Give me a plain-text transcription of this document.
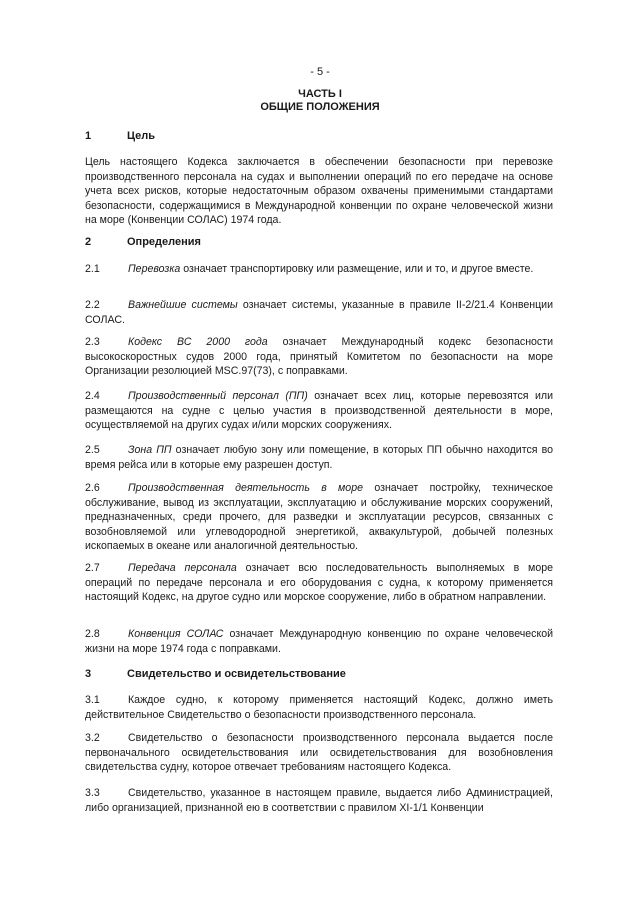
- 5 -
ЧАСТЬ I
ОБЩИЕ ПОЛОЖЕНИЯ
1	Цель
Цель настоящего Кодекса заключается в обеспечении безопасности при перевозке производственного персонала на судах и выполнении операций по его передаче на основе учета всех рисков, которые недостаточным образом охвачены применимыми стандартами безопасности, содержащимися в Международной конвенции по охране человеческой жизни на море (Конвенции СОЛАС) 1974 года.
2	Определения
2.1	Перевозка означает транспортировку или размещение, или и то, и другое вместе.
2.2	Важнейшие системы означает системы, указанные в правиле II-2/21.4 Конвенции СОЛАС.
2.3	Кодекс ВС 2000 года означает Международный кодекс безопасности высокоскоростных судов 2000 года, принятый Комитетом по безопасности на море Организации резолюцией MSC.97(73), с поправками.
2.4	Производственный персонал (ПП) означает всех лиц, которые перевозятся или размещаются на судне с целью участия в производственной деятельности в море, осуществляемой на других судах и/или морских сооружениях.
2.5	Зона ПП означает любую зону или помещение, в которых ПП обычно находится во время рейса или в которые ему разрешен доступ.
2.6	Производственная деятельность в море означает постройку, техническое обслуживание, вывод из эксплуатации, эксплуатацию и обслуживание морских сооружений, предназначенных, среди прочего, для разведки и эксплуатации ресурсов, связанных с возобновляемой или углеводородной энергетикой, аквакультурой, добычей полезных ископаемых в океане или аналогичной деятельностью.
2.7	Передача персонала означает всю последовательность выполняемых в море операций по передаче персонала и его оборудования с судна, к которому применяется настоящий Кодекс, на другое судно или морское сооружение, либо в обратном направлении.
2.8	Конвенция СОЛАС означает Международную конвенцию по охране человеческой жизни на море 1974 года с поправками.
3	Свидетельство и освидетельствование
3.1	Каждое судно, к которому применяется настоящий Кодекс, должно иметь действительное Свидетельство о безопасности производственного персонала.
3.2	Свидетельство о безопасности производственного персонала выдается после первоначального освидетельствования или освидетельствования для возобновления свидетельства судну, которое отвечает требованиям настоящего Кодекса.
3.3	Свидетельство, указанное в настоящем правиле, выдается либо Администрацией, либо организацией, признанной ею в соответствии с правилом XI-1/1 Конвенции
